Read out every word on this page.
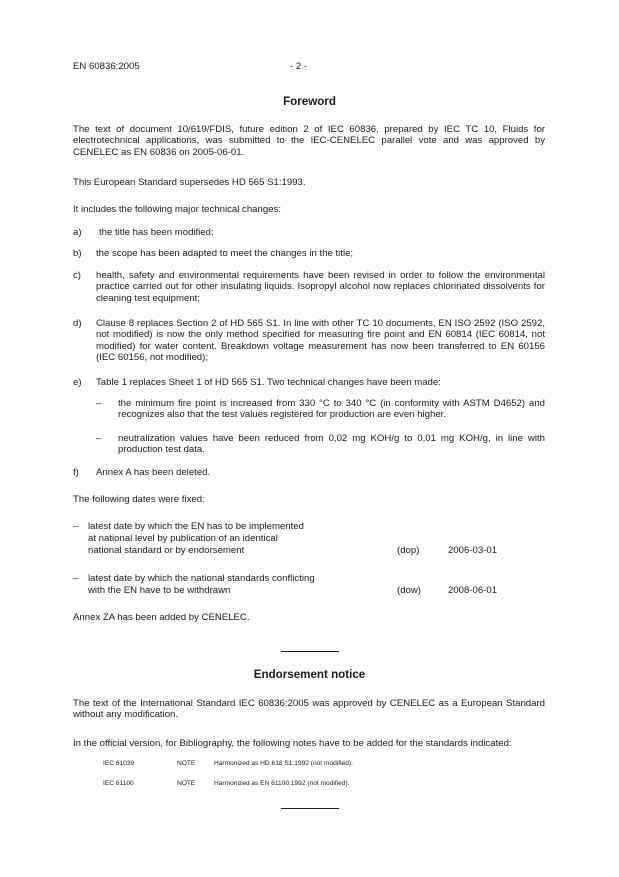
EN 60836:2005	- 2 -
Foreword
The text of document 10/619/FDIS, future edition 2 of IEC 60836, prepared by IEC TC 10, Fluids for electrotechnical applications, was submitted to the IEC-CENELEC parallel vote and was approved by CENELEC as EN 60836 on 2005-06-01.
This European Standard supersedes HD 565 S1:1993.
It includes the following major technical changes:
a) the title has been modified;
b) the scope has been adapted to meet the changes in the title;
c) health, safety and environmental requirements have been revised in order to follow the environmental practice carried out for other insulating liquids. Isopropyl alcohol now replaces chlorinated dissolvents for cleaning test equipment;
d) Clause 8 replaces Section 2 of HD 565 S1. In line with other TC 10 documents, EN ISO 2592 (ISO 2592, not modified) is now the only method specified for measuring fire point and EN 60814 (IEC 60814, not modified) for water content. Breakdown voltage measurement has now been transferred to EN 60156 (IEC 60156, not modified);
e) Table 1 replaces Sheet 1 of HD 565 S1. Two technical changes have been made:
– the minimum fire point is increased from 330 °C to 340 °C (in conformity with ASTM D4652) and recognizes also that the test values registered for production are even higher.
– neutralization values have been reduced from 0,02 mg KOH/g to 0,01 mg KOH/g, in line with production test data.
f) Annex A has been deleted.
The following dates were fixed:
– latest date by which the EN has to be implemented
at national level by publication of an identical
national standard or by endorsement	(dop)	2006-03-01
– latest date by which the national standards conflicting
with the EN have to be withdrawn	(dow)	2008-06-01
Annex ZA has been added by CENELEC.
Endorsement notice
The text of the International Standard IEC 60836:2005 was approved by CENELEC as a European Standard without any modification.
In the official version, for Bibliography, the following notes have to be added for the standards indicated:
IEC 61039	NOTE	Harmonized as HD 618 S1:1992 (not modified).
IEC 61100	NOTE	Harmonized as EN 61100:1992 (not modified).
